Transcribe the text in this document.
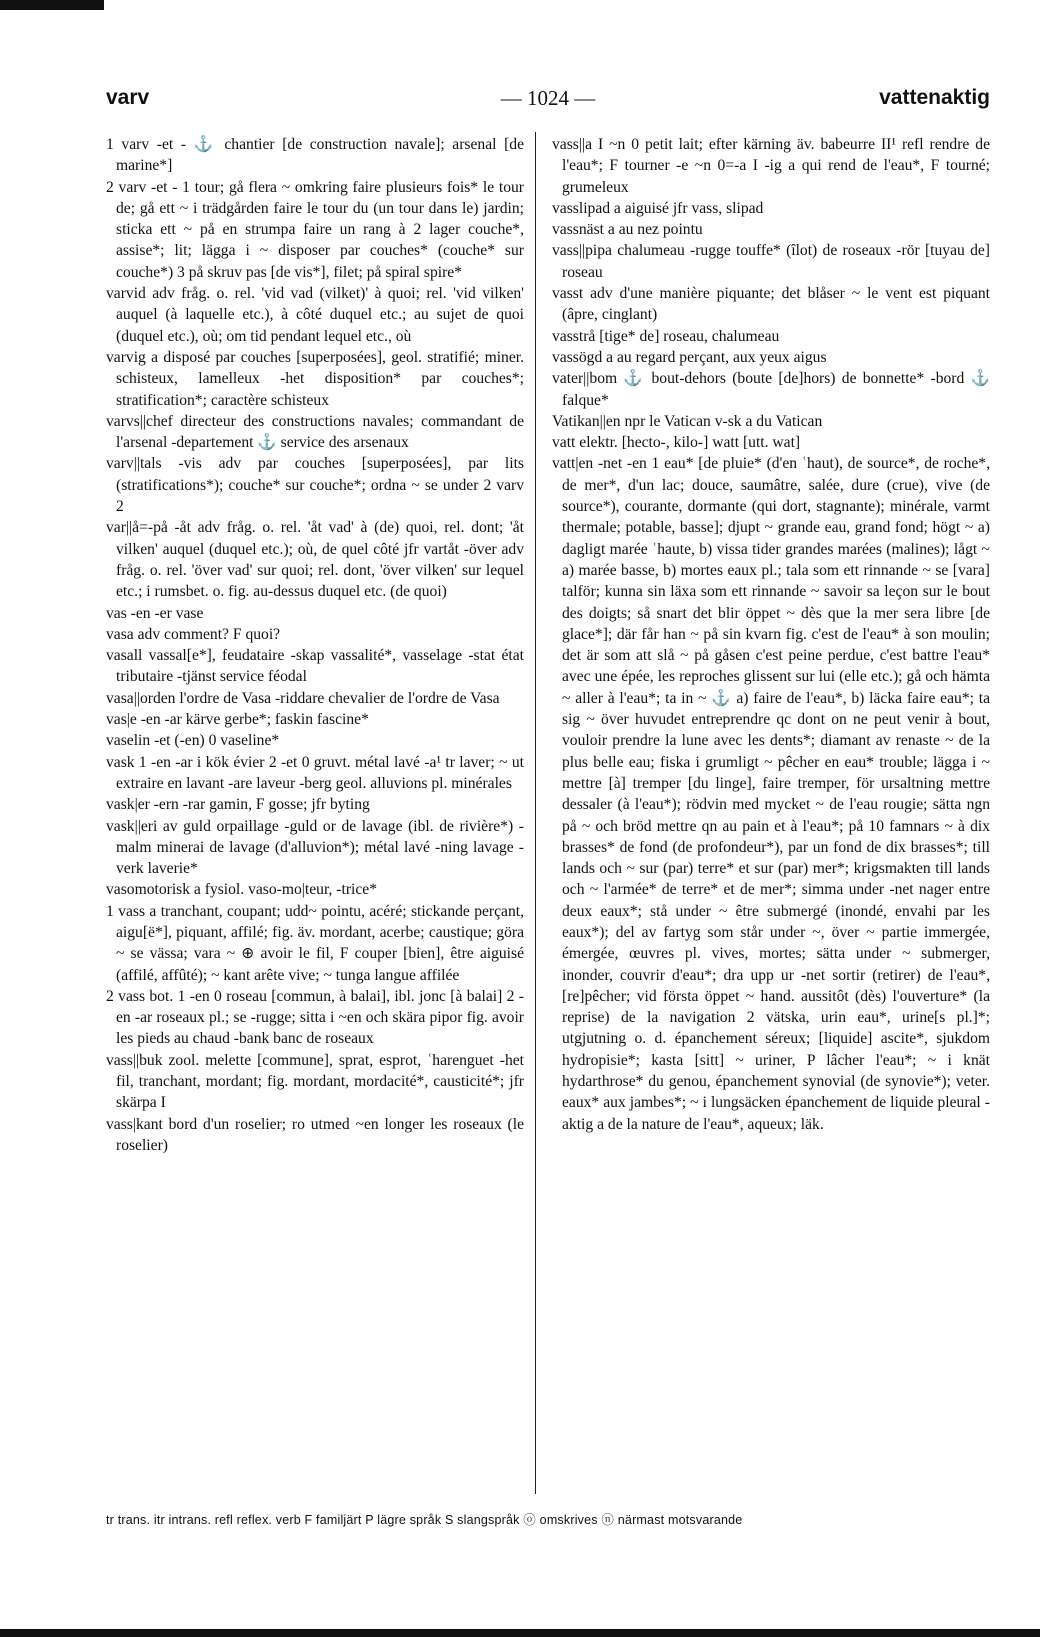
varv	— 1024 —	vattenaktig

1 varv -et - ⚓ chantier [de construction navale]; arsenal [de marine*]

2 varv -et - 1 tour; gå flera ~ omkring faire plusieurs fois* le tour de; gå ett ~ i trädgården faire le tour du (un tour dans le) jardin; sticka ett ~ på en strumpa faire un rang à 2 lager couche*, assise*; lit; lägga i ~ disposer par couches* (couche* sur couche*) 3 på skruv pas [de vis*], filet; på spiral spire*

varvid adv fråg. o. rel. 'vid vad (vilket)' à quoi; rel. 'vid vilken' auquel (à laquelle etc.), à côté duquel etc.; au sujet de quoi (duquel etc.), où; om tid pendant lequel etc., où

varvig a disposé par couches [superposées], geol. stratifié; miner. schisteux, lamelleux -het disposition* par couches*; stratification*; caractère schisteux

varvs||chef directeur des constructions navales; commandant de l'arsenal -departement ⚓ service des arsenaux

varv||tals -vis adv par couches [superposées], par lits (stratifications*); couche* sur couche*; ordna ~ se under 2 varv 2

var||å=-på -åt adv fråg. o. rel. 'åt vad' à (de) quoi, rel. dont; 'åt vilken' auquel (duquel etc.); où, de quel côté jfr vartåt -över adv fråg. o. rel. 'över vad' sur quoi; rel. dont, 'över vilken' sur lequel etc.; i rumsbet. o. fig. au-dessus duquel etc. (de quoi)

vas -en -er vase

vasa adv comment? F quoi?

vasall vassal[e*], feudataire -skap vassalité*, vasselage -stat état tributaire -tjänst service féodal

vasa||orden l'ordre de Vasa -riddare chevalier de l'ordre de Vasa

vas|e -en -ar kärve gerbe*; faskin fascine*

vaselin -et (-en) 0 vaseline*

vask 1 -en -ar i kök évier 2 -et 0 gruvt. métal lavé -a¹ tr laver; ~ ut extraire en lavant -are laveur -berg geol. alluvions pl. minérales

vask|er -ern -rar gamin, F gosse; jfr byting

vask||eri av guld orpaillage -guld or de lavage (ibl. de rivière*) -malm minerai de lavage (d'alluvion*); métal lavé -ning lavage -verk laverie*

vasomotorisk a fysiol. vaso-mo|teur, -trice*

1 vass a tranchant, coupant; udd~ pointu, acéré; stickande perçant, aigu[ë*], piquant, affilé; fig. äv. mordant, acerbe; caustique; göra ~ se vässa; vara ~ ⊕ avoir le fil, F couper [bien], être aiguisé (affilé, affûté); ~ kant arête vive; ~ tunga langue affilée

2 vass bot. 1 -en 0 roseau [commun, à balai], ibl. jonc [à balai] 2 -en -ar roseaux pl.; se -rugge; sitta i ~en och skära pipor fig. avoir les pieds au chaud -bank banc de roseaux

vass||buk zool. melette [commune], sprat, esprot, ʿharenguet -het fil, tranchant, mordant; fig. mordant, mordacité*, causticité*; jfr skärpa I

vass|kant bord d'un roselier; ro utmed ~en longer les roseaux (le roselier)

vass||a I ~n 0 petit lait; efter kärning äv. babeurre II¹ refl rendre de l'eau*; F tourner -e ~n 0=-a I -ig a qui rend de l'eau*, F tourné; grumeleux

vasslipad a aiguisé jfr vass, slipad

vassnäst a au nez pointu

vass||pipa chalumeau -rugge touffe* (îlot) de roseaux -rör [tuyau de] roseau

vasst adv d'une manière piquante; det blåser ~ le vent est piquant (âpre, cinglant)

vasstrå [tige* de] roseau, chalumeau

vassögd a au regard perçant, aux yeux aigus

vater||bom ⚓ bout-dehors (boute [de]hors) de bonnette* -bord ⚓ falque*

Vatikan||en npr le Vatican v-sk a du Vatican

vatt elektr. [hecto-, kilo-] watt [utt. wat]

vatt|en -net -en 1 eau* [de pluie* (d'en ʿhaut), de source*, de roche*, de mer*, d'un lac; douce, saumâtre, salée, dure (crue), vive (de source*), courante, dormante (qui dort, stagnante); minérale, varmt thermale; potable, basse]; djupt ~ grande eau, grand fond; högt ~ a) dagligt marée ʿhaute, b) vissa tider grandes marées (malines); lågt ~ a) marée basse, b) mortes eaux pl.; tala som ett rinnande ~ se [vara] talför; kunna sin läxa som ett rinnande ~ savoir sa leçon sur le bout des doigts; så snart det blir öppet ~ dès que la mer sera libre [de glace*]; där får han ~ på sin kvarn fig. c'est de l'eau* à son moulin; det är som att slå ~ på gåsen c'est peine perdue, c'est battre l'eau* avec une épée, les reproches glissent sur lui (elle etc.); gå och hämta ~ aller à l'eau*; ta in ~ ⚓ a) faire de l'eau*, b) läcka faire eau*; ta sig ~ över huvudet entreprendre qc dont on ne peut venir à bout, vouloir prendre la lune avec les dents*; diamant av renaste ~ de la plus belle eau; fiska i grumligt ~ pêcher en eau* trouble; lägga i ~ mettre [à] tremper [du linge], faire tremper, för ursaltning mettre dessaler (à l'eau*); rödvin med mycket ~ de l'eau rougie; sätta ngn på ~ och bröd mettre qn au pain et à l'eau*; på 10 famnars ~ à dix brasses* de fond (de profondeur*), par un fond de dix brasses*; till lands och ~ sur (par) terre* et sur (par) mer*; krigsmakten till lands och ~ l'armée* de terre* et de mer*; simma under -net nager entre deux eaux*; stå under ~ être submergé (inondé, envahi par les eaux*); del av fartyg som står under ~, över ~ partie immergée, émergée, œuvres pl. vives, mortes; sätta under ~ submerger, inonder, couvrir d'eau*; dra upp ur -net sortir (retirer) de l'eau*, [re]pêcher; vid första öppet ~ hand. aussitôt (dès) l'ouverture* (la reprise) de la navigation 2 vätska, urin eau*, urine[s pl.]*; utgjutning o. d. épanchement séreux; [liquide] ascite*, sjukdom hydropisie*; kasta [sitt] ~ uriner, P lâcher l'eau*; ~ i knät hydarthrose* du genou, épanchement synovial (de synovie*); veter. eaux* aux jambes*; ~ i lungsäcken épanchement de liquide pleural -aktig a de la nature de l'eau*, aqueux; läk.

tr trans. itr intrans. refl reflex. verb F familjärt P lägre språk S slangspråk ⓞ omskrives ⓝ närmast motsvarande
